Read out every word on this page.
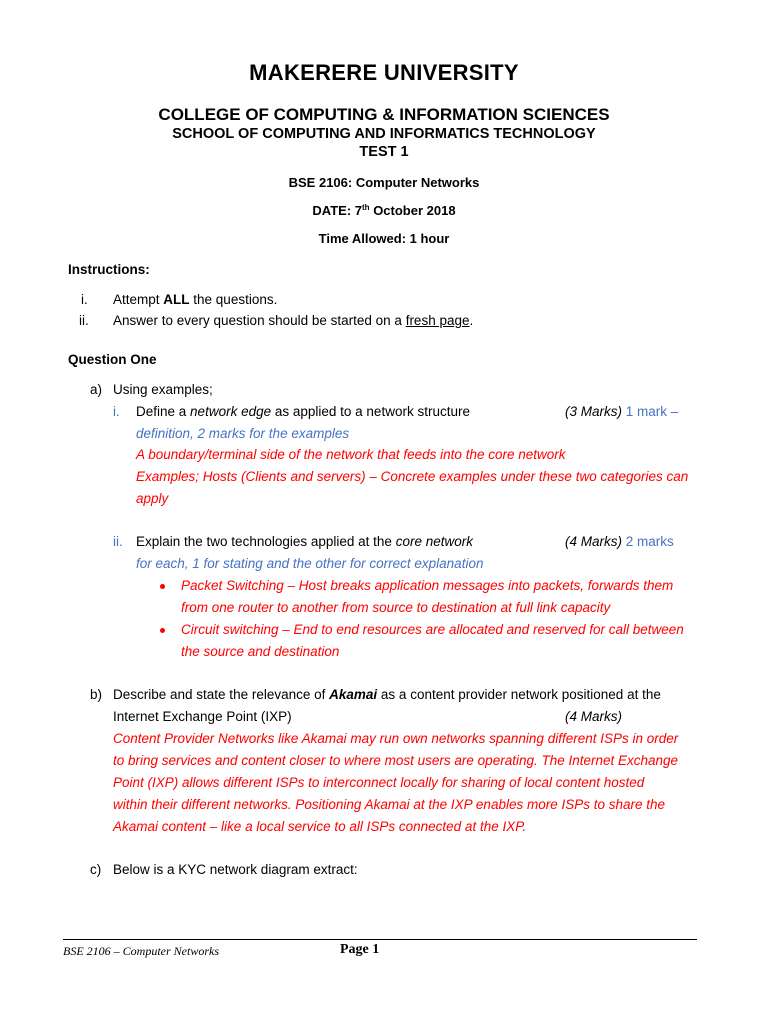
MAKERERE UNIVERSITY
COLLEGE OF COMPUTING & INFORMATION SCIENCES
SCHOOL OF COMPUTING AND INFORMATICS TECHNOLOGY
TEST 1
BSE 2106: Computer Networks
DATE: 7th October 2018
Time Allowed: 1 hour
Instructions:
i. Attempt ALL the questions.
ii. Answer to every question should be started on a fresh page.
Question One
a) Using examples;
i. Define a network edge as applied to a network structure	(3 Marks) 1 mark –
definition, 2 marks for the examples
A boundary/terminal side of the network that feeds into the core network
Examples; Hosts (Clients and servers) – Concrete examples under these two categories can
apply
ii. Explain the two technologies applied at the core network	(4 Marks) 2 marks
for each, 1 for stating and the other for correct explanation
Packet Switching – Host breaks application messages into packets, forwards them
from one router to another from source to destination at full link capacity
Circuit switching – End to end resources are allocated and reserved for call between
the source and destination
b) Describe and state the relevance of Akamai as a content provider network positioned at the
Internet Exchange Point (IXP)	(4 Marks)
Content Provider Networks like Akamai may run own networks spanning different ISPs in order
to bring services and content closer to where most users are operating. The Internet Exchange
Point (IXP) allows different ISPs to interconnect locally for sharing of local content hosted
within their different networks. Positioning Akamai at the IXP enables more ISPs to share the
Akamai content – like a local service to all ISPs connected at the IXP.
c) Below is a KYC network diagram extract:
BSE 2106 – Computer Networks	Page 1
